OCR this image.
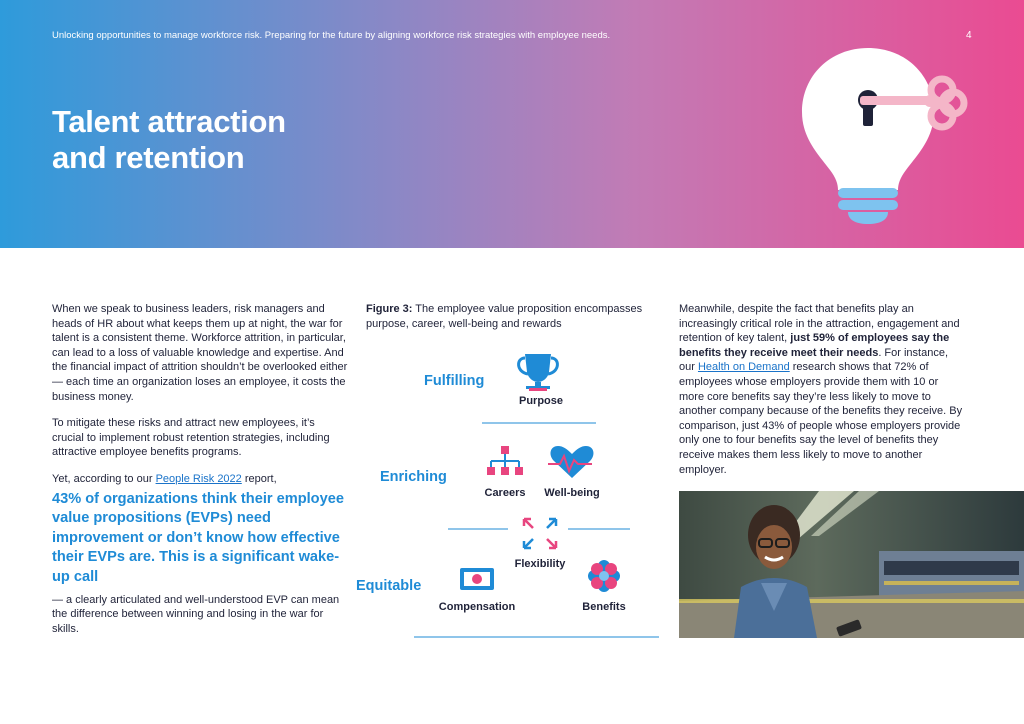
Unlocking opportunities to manage workforce risk. Preparing for the future by aligning workforce risk strategies with employee needs.	4
Talent attraction
and retention

When we speak to business leaders, risk managers and heads of HR about what keeps them up at night, the war for talent is a consistent theme. Workforce attrition, in particular, can lead to a loss of valuable knowledge and expertise. And the financial impact of attrition shouldn’t be overlooked either — each time an organization loses an employee, it costs the business money.

To mitigate these risks and attract new employees, it’s crucial to implement robust retention strategies, including attractive employee benefits programs.

Yet, according to our People Risk 2022 report,

43% of organizations think their employee value propositions (EVPs) need improvement or don’t know how effective their EVPs are. This is a significant wake-up call

— a clearly articulated and well-understood EVP can mean the difference between winning and losing in the war for skills.

Figure 3: The employee value proposition encompasses purpose, career, well-being and rewards
Fulfilling
Purpose
Enriching
Careers Well-being
Flexibility
Equitable
Compensation	Benefits
Meanwhile, despite the fact that benefits play an increasingly critical role in the attraction, engagement and retention of key talent, just 59% of employees say the benefits they receive meet their needs. For instance, our Health on Demand research shows that 72% of employees whose employers provide them with 10 or more core benefits say they’re less likely to move to another company because of the benefits they receive. By comparison, just 43% of people whose employers provide only one to four benefits say the level of benefits they receive makes them less likely to move to another employer.
